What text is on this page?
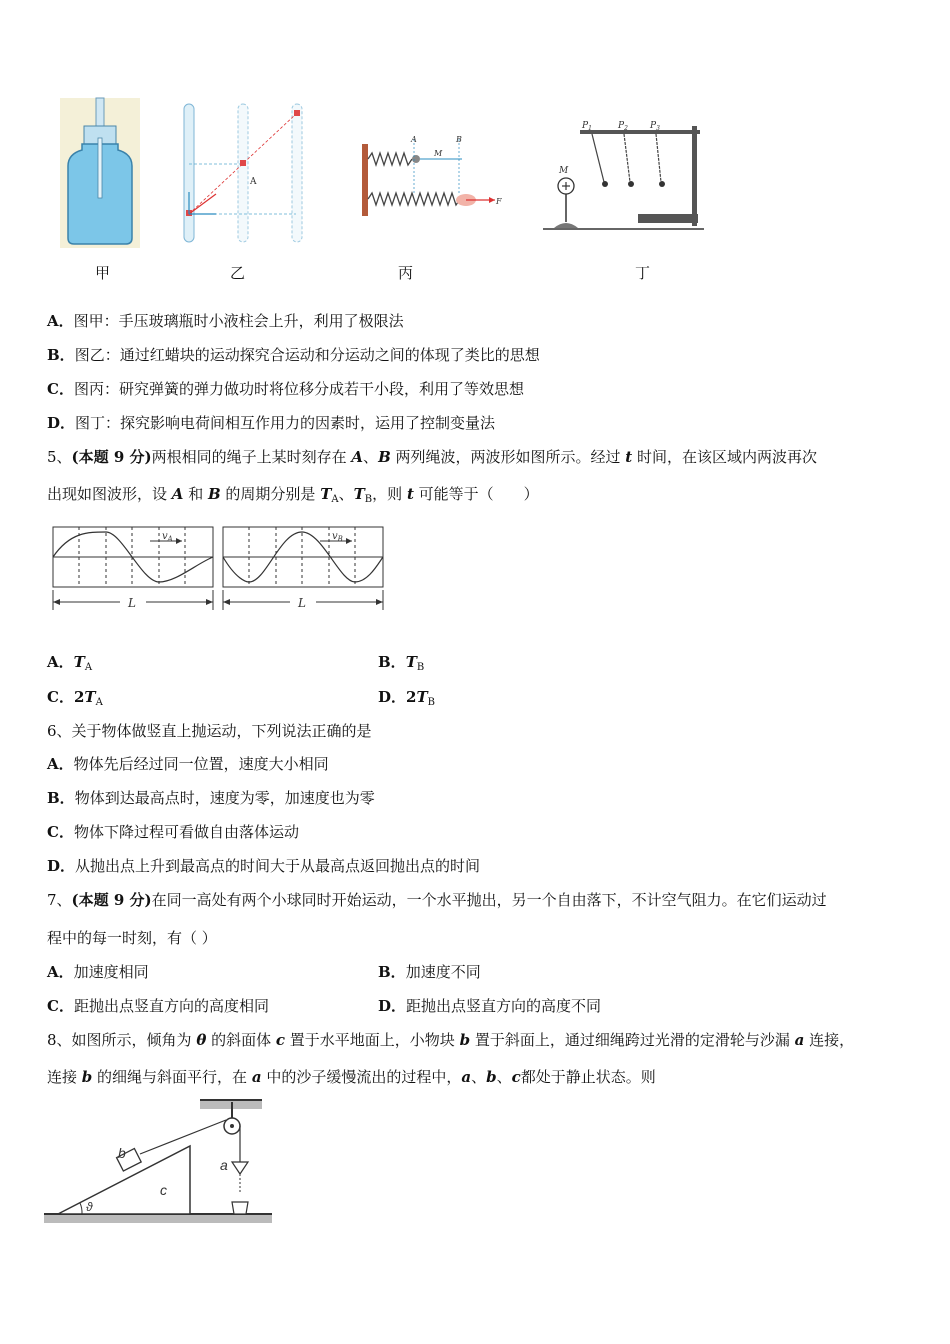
A
A	B
M
F
M
$P_1$	$P_2$ $P_3$
甲	乙	丙	丁
A．图甲：手压玻璃瓶时小液柱会上升，利用了极限法
B．图乙：通过红蜡块的运动探究合运动和分运动之间的体现了类比的思想
C．图丙：研究弹簧的弹力做功时将位移分成若干小段，利用了等效思想
D．图丁：探究影响电荷间相互作用力的因素时，运用了控制变量法
5、(本题 9 分)两根相同的绳子上某时刻存在 A、B 两列绳波，两波形如图所示。经过 t 时间，在该区域内两波再次
出现如图波形，设 A 和 B 的周期分别是 $T_A$、$T_B$，则 t 可能等于（　　）
$v_A$
L
$v_B$
L
A．$T_A$	B．$T_B$
C．$2T_A$	D．$2T_B$
6、关于物体做竖直上抛运动，下列说法正确的是
A．物体先后经过同一位置，速度大小相同
B．物体到达最高点时，速度为零，加速度也为零
C．物体下降过程可看做自由落体运动
D．从抛出点上升到最高点的时间大于从最高点返回抛出点的时间
7、(本题 9 分)在同一高处有两个小球同时开始运动，一个水平抛出，另一个自由落下，不计空气阻力。在它们运动过
程中的每一时刻，有（ ）
A．加速度相同	B．加速度不同
C．距抛出点竖直方向的高度相同	D．距抛出点竖直方向的高度不同
8、如图所示，倾角为 θ 的斜面体 c 置于水平地面上，小物块 b 置于斜面上，通过细绳跨过光滑的定滑轮与沙漏 a 连接，
连接 b 的细绳与斜面平行，在 a 中的沙子缓慢流出的过程中，a、b、c都处于静止状态。则
b
c
a
ϑ
